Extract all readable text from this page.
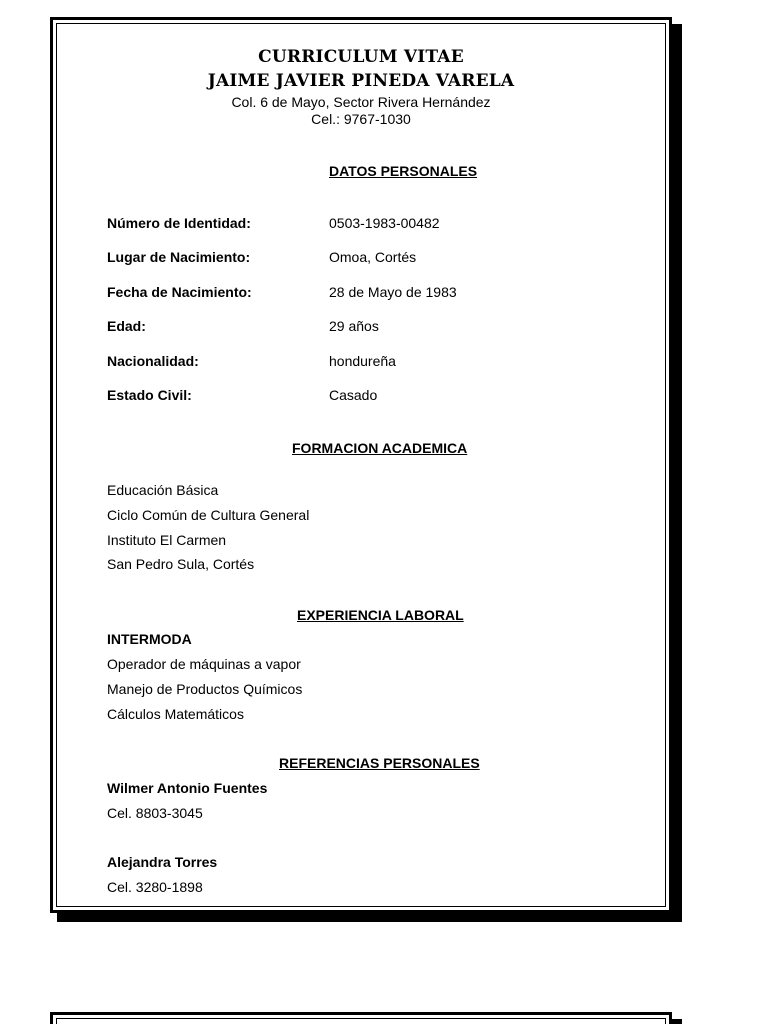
CURRICULUM VITAE
JAIME JAVIER PINEDA VARELA
Col. 6 de Mayo, Sector Rivera Hernández
Cel.: 9767-1030
DATOS PERSONALES
Número de Identidad:	0503-1983-00482
Lugar de Nacimiento:	Omoa, Cortés
Fecha de Nacimiento:	28 de Mayo de 1983
Edad:	29 años
Nacionalidad:	hondureña
Estado Civil:	Casado
FORMACION ACADEMICA
Educación Básica
Ciclo Común de Cultura General
Instituto El Carmen
San Pedro Sula, Cortés
EXPERIENCIA LABORAL
INTERMODA
Operador de máquinas a vapor
Manejo de Productos Químicos
Cálculos Matemáticos
REFERENCIAS PERSONALES
Wilmer Antonio Fuentes
Cel. 8803-3045
Alejandra Torres
Cel. 3280-1898
